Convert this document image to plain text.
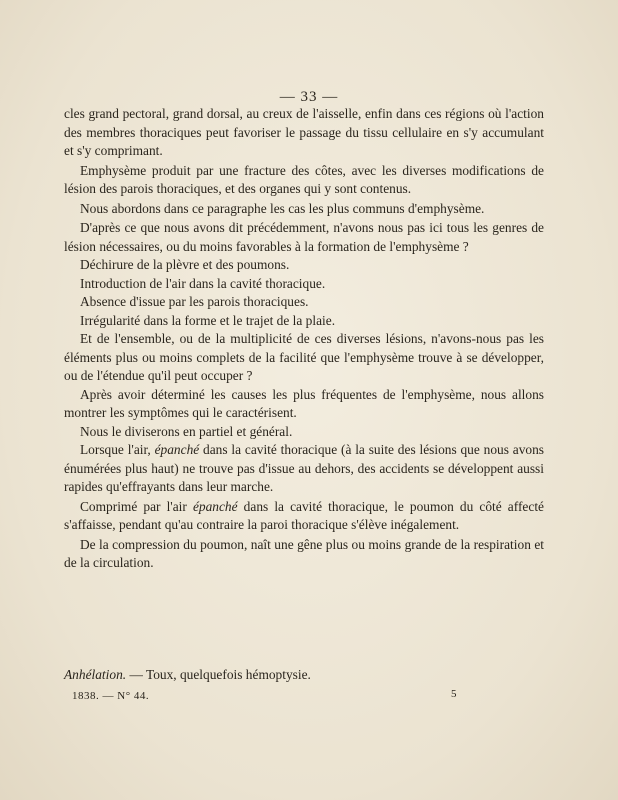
— 33 —

cles grand pectoral, grand dorsal, au creux de l'aisselle, enfin dans ces régions où l'action des membres thoraciques peut favoriser le passage du tissu cellulaire en s'y accumulant et s'y comprimant.

Emphysème produit par une fracture des côtes, avec les diverses modifications de lésion des parois thoraciques, et des organes qui y sont contenus.

Nous abordons dans ce paragraphe les cas les plus communs d'emphysème.

D'après ce que nous avons dit précédemment, n'avons nous pas ici tous les genres de lésion nécessaires, ou du moins favorables à la formation de l'emphysème ?

Déchirure de la plèvre et des poumons.

Introduction de l'air dans la cavité thoracique.

Absence d'issue par les parois thoraciques.

Irrégularité dans la forme et le trajet de la plaie.

Et de l'ensemble, ou de la multiplicité de ces diverses lésions, n'avons-nous pas les éléments plus ou moins complets de la facilité que l'emphysème trouve à se développer, ou de l'étendue qu'il peut occuper ?

Après avoir déterminé les causes les plus fréquentes de l'emphysème, nous allons montrer les symptômes qui le caractérisent.

Nous le diviserons en partiel et général.

Lorsque l'air, épanché dans la cavité thoracique (à la suite des lésions que nous avons énumérées plus haut) ne trouve pas d'issue au dehors, des accidents se développent aussi rapides qu'effrayants dans leur marche.

Comprimé par l'air épanché dans la cavité thoracique, le poumon du côté affecté s'affaisse, pendant qu'au contraire la paroi thoracique s'élève inégalement.

De la compression du poumon, naît une gêne plus ou moins grande de la respiration et de la circulation.

Anhélation. — Toux, quelquefois hémoptysie.
1838. — N° 44.	5
